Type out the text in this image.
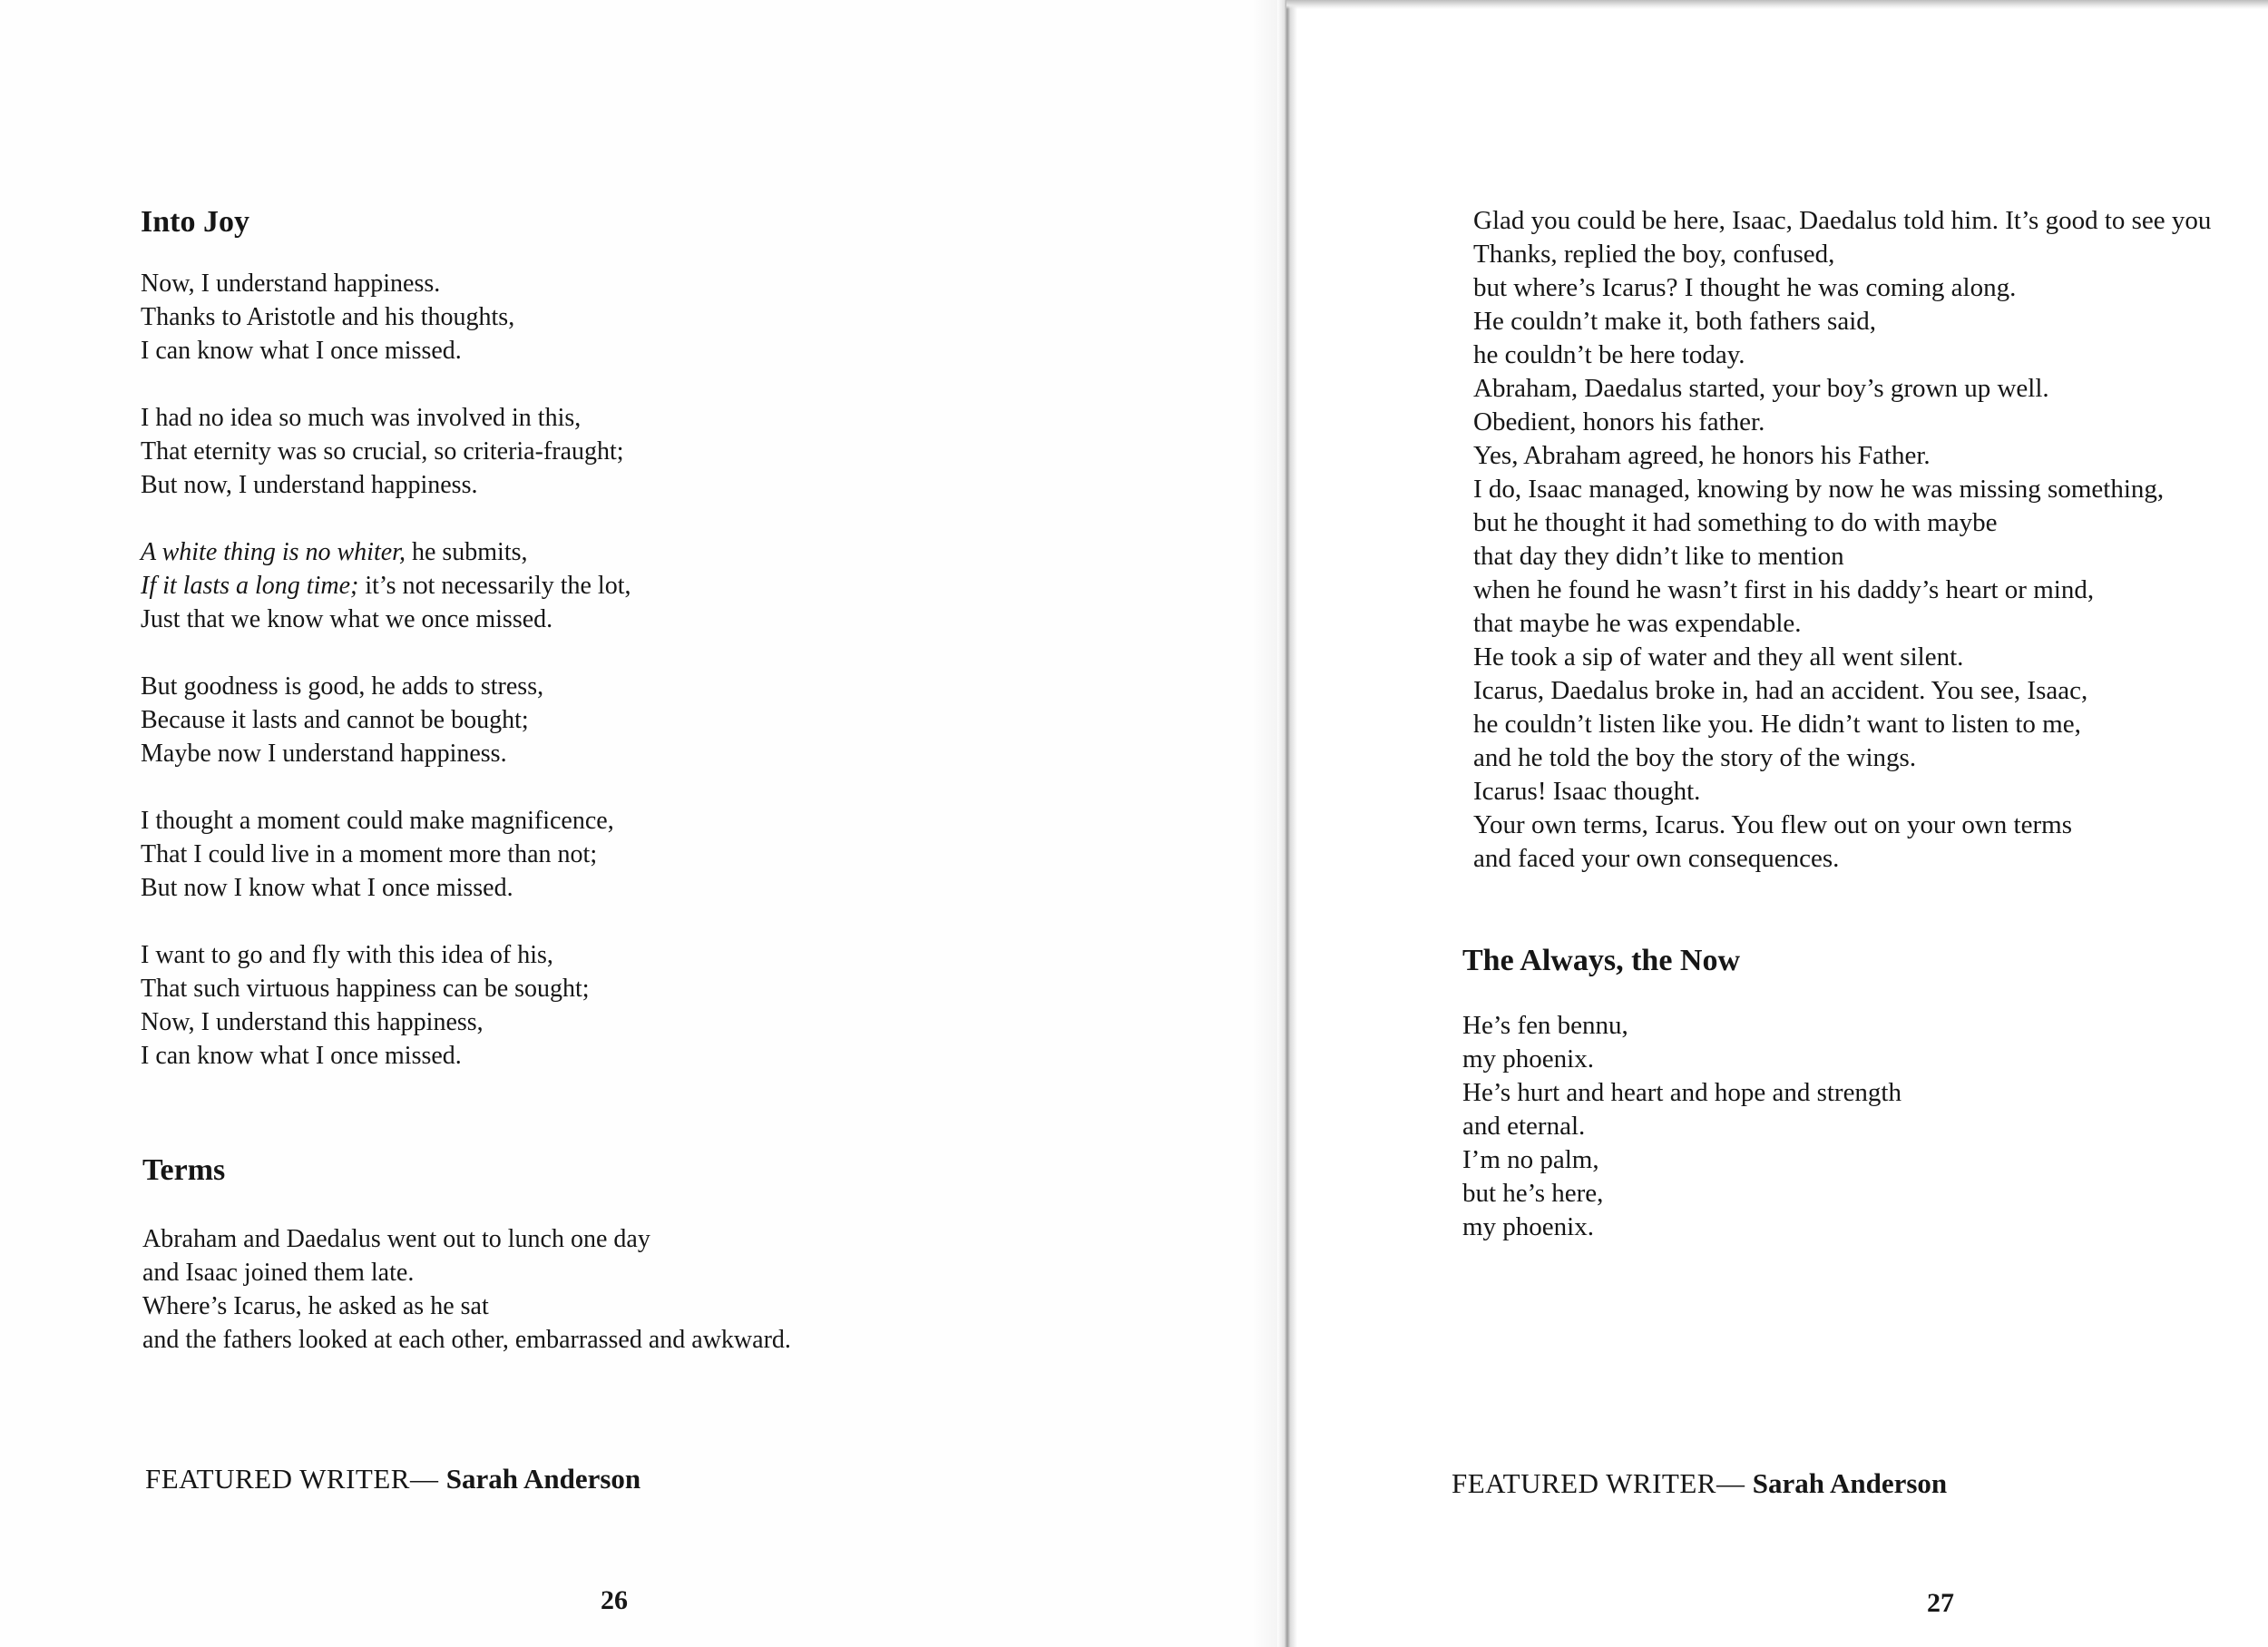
Into Joy
Now, I understand happiness.
Thanks to Aristotle and his thoughts,
I can know what I once missed.
I had no idea so much was involved in this,
That eternity was so crucial, so criteria-fraught;
But now, I understand happiness.
A white thing is no whiter, he submits,
If it lasts a long time; it’s not necessarily the lot,
Just that we know what we once missed.
But goodness is good, he adds to stress,
Because it lasts and cannot be bought;
Maybe now I understand happiness.
I thought a moment could make magnificence,
That I could live in a moment more than not;
But now I know what I once missed.
I want to go and fly with this idea of his,
That such virtuous happiness can be sought;
Now, I understand this happiness,
I can know what I once missed.
Terms
Abraham and Daedalus went out to lunch one day
and Isaac joined them late.
Where’s Icarus, he asked as he sat
and the fathers looked at each other, embarrassed and awkward.
FEATURED WRITER— Sarah Anderson
26
Glad you could be here, Isaac, Daedalus told him. It’s good to see you
Thanks, replied the boy, confused,
but where’s Icarus? I thought he was coming along.
He couldn’t make it, both fathers said,
he couldn’t be here today.
Abraham, Daedalus started, your boy’s grown up well.
Obedient, honors his father.
Yes, Abraham agreed, he honors his Father.
I do, Isaac managed, knowing by now he was missing something,
but he thought it had something to do with maybe
that day they didn’t like to mention
when he found he wasn’t first in his daddy’s heart or mind,
that maybe he was expendable.
He took a sip of water and they all went silent.
Icarus, Daedalus broke in, had an accident. You see, Isaac,
he couldn’t listen like you. He didn’t want to listen to me,
and he told the boy the story of the wings.
Icarus! Isaac thought.
Your own terms, Icarus. You flew out on your own terms
and faced your own consequences.
The Always, the Now
He’s fen bennu,
my phoenix.
He’s hurt and heart and hope and strength
and eternal.
I’m no palm,
but he’s here,
my phoenix.
FEATURED WRITER— Sarah Anderson
27
